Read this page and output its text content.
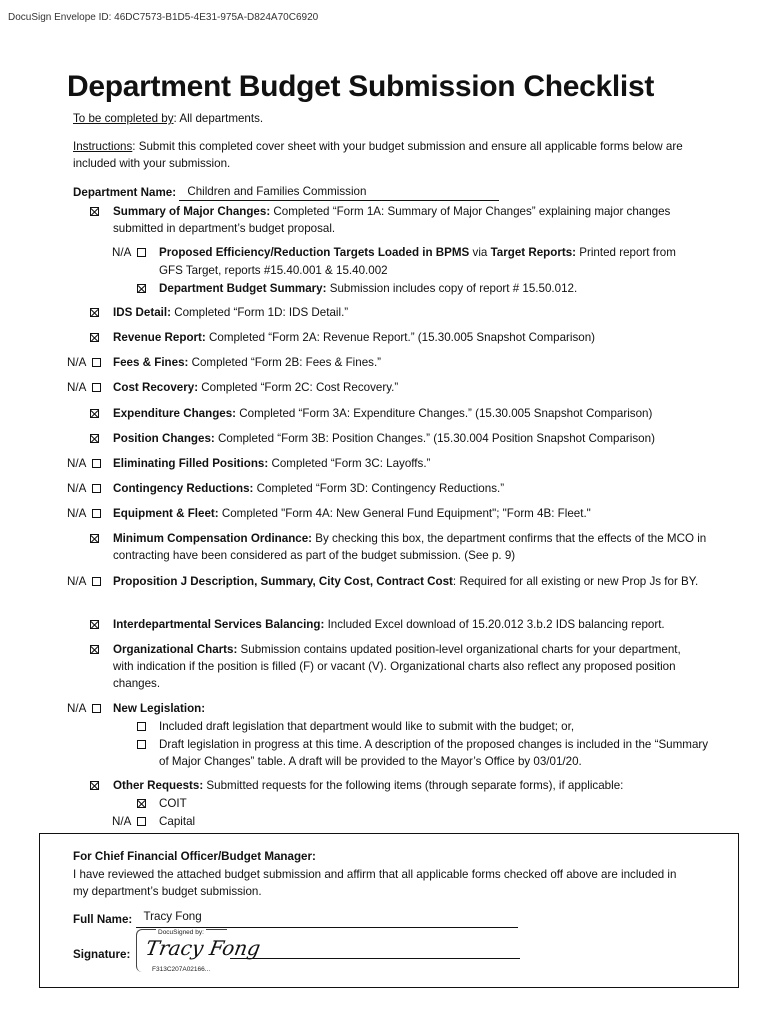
DocuSign Envelope ID: 46DC7573-B1D5-4E31-975A-D824A70C6920
Department Budget Submission Checklist
To be completed by: All departments.
Instructions: Submit this completed cover sheet with your budget submission and ensure all applicable forms below are included with your submission.
Department Name: Children and Families Commission
Summary of Major Changes: Completed “Form 1A: Summary of Major Changes” explaining major changes submitted in department’s budget proposal.
N/A Proposed Efficiency/Reduction Targets Loaded in BPMS via Target Reports: Printed report from
GFS Target, reports #15.40.001 & 15.40.002
Department Budget Summary: Submission includes copy of report # 15.50.012.
IDS Detail: Completed “Form 1D: IDS Detail.”
Revenue Report: Completed “Form 2A: Revenue Report.” (15.30.005 Snapshot Comparison)
N/A Fees & Fines: Completed “Form 2B: Fees & Fines.”
N/A Cost Recovery: Completed “Form 2C: Cost Recovery.”
Expenditure Changes: Completed “Form 3A: Expenditure Changes.” (15.30.005 Snapshot Comparison)
Position Changes: Completed “Form 3B: Position Changes.” (15.30.004 Position Snapshot Comparison)
N/A Eliminating Filled Positions: Completed “Form 3C: Layoffs.”
N/A Contingency Reductions: Completed “Form 3D: Contingency Reductions.”
N/A Equipment & Fleet: Completed "Form 4A: New General Fund Equipment"; "Form 4B: Fleet."
Minimum Compensation Ordinance: By checking this box, the department confirms that the effects of the MCO in contracting have been considered as part of the budget submission. (See p. 9)
N/A Proposition J Description, Summary, City Cost, Contract Cost: Required for all existing or new Prop Js for BY.
Interdepartmental Services Balancing: Included Excel download of 15.20.012 3.b.2 IDS balancing report.
Organizational Charts: Submission contains updated position-level organizational charts for your department, with indication if the position is filled (F) or vacant (V). Organizational charts also reflect any proposed position changes.
N/A New Legislation:
Included draft legislation that department would like to submit with the budget; or,
Draft legislation in progress at this time. A description of the proposed changes is included in the “Summary of Major Changes” table. A draft will be provided to the Mayor’s Office by 03/01/20.
Other Requests: Submitted requests for the following items (through separate forms), if applicable:
COIT
N/A Capital
For Chief Financial Officer/Budget Manager:
I have reviewed the attached budget submission and affirm that all applicable forms checked off above are included in my department’s budget submission.
Full Name: Tracy Fong
Signature:
DocuSigned by:
Tracy Fong
F313C207A02166...
